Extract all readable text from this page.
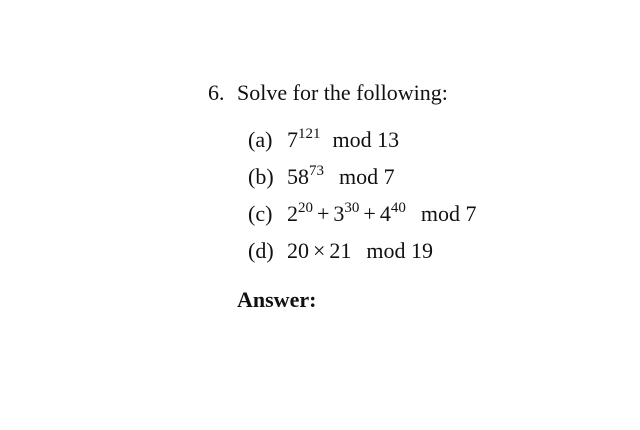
6. Solve for the following:
(a) $7^{121}$ mod 13
(b) $58^{73}$ mod 7
(c) $2^{20} + 3^{30} + 4^{40}$ mod 7
(d) 20 × 21 mod 19
Answer:
